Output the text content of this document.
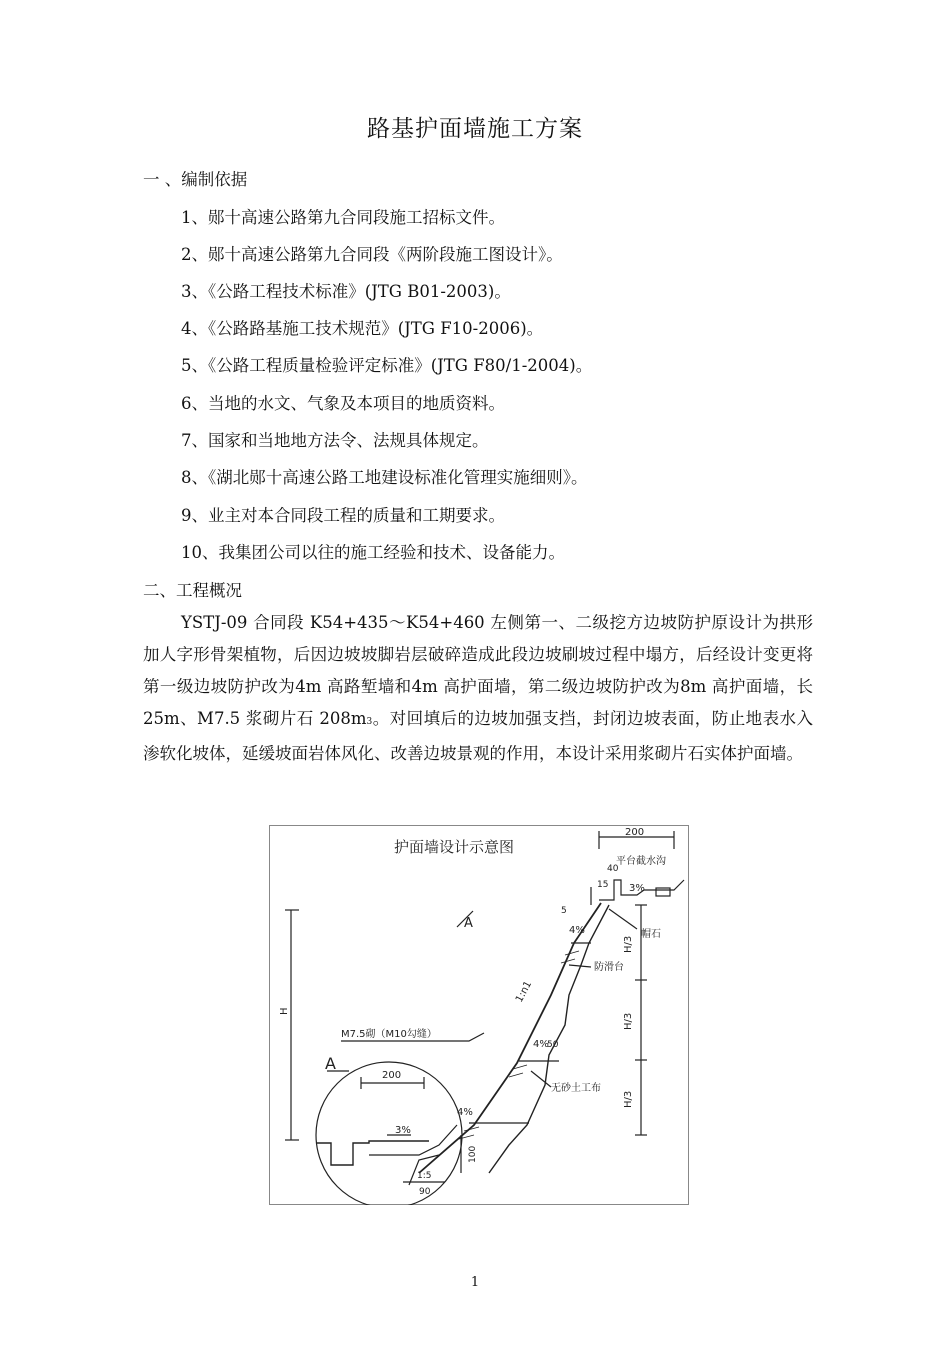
路基护面墙施工方案
一 、编制依据
1、郧十高速公路第九合同段施工招标文件。
2、郧十高速公路第九合同段《两阶段施工图设计》。
3、《公路工程技术标准》(JTG B01-2003)。
4、《公路路基施工技术规范》(JTG F10-2006)。
5、《公路工程质量检验评定标准》(JTG F80/1-2004)。
6、当地的水文、气象及本项目的地质资料。
7、国家和当地地方法令、法规具体规定。
8、《湖北郧十高速公路工地建设标准化管理实施细则》。
9、业主对本合同段工程的质量和工期要求。
10、我集团公司以往的施工经验和技术、设备能力。
二、工程概况
YSTJ-09 合同段 K54+435～K54+460 左侧第一、二级挖方边坡防护原设计为拱形加人字形骨架植物，后因边坡坡脚岩层破碎造成此段边坡刷坡过程中塌方，后经设计变更将第一级边坡防护改为4m 高路堑墙和4m 高护面墙，第二级边坡防护改为8m 高护面墙，长 25m、M7.5 浆砌片石 208m3。对回填后的边坡加强支挡，封闭边坡表面，防止地表水入渗软化坡体，延缓坡面岩体风化、改善边坡景观的作用，本设计采用浆砌片石实体护面墙。
护面墙设计示意图
200
平台截水沟
40
15 3%
5
帽石
A	4%
4%
4%
防滑台
1:n1
M7.5砌（M10勾缝）
50
无砂土工布
H/3
H/3
H/3
H
A
200
3%
100
1:5
90
1
